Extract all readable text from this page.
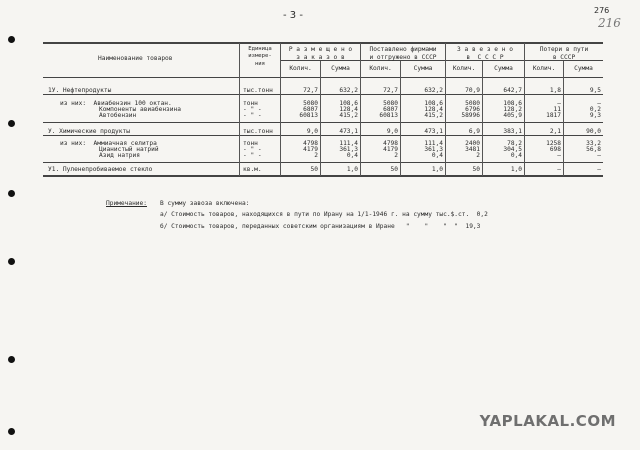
- 3 -	276
216
Наименование товаров
Единица
измере-
ния
Р а з м е щ е н о
з а к а з о в
Поставлено фирмами
и отгружено в СССР
З а в е з е н о
в  С С С Р
Потери в пути
в СССР
Колич.	Сумма	Колич.	Сумма	Колич.	Сумма	Колич.	Сумма
1У. Нефтепродукты	тыс.тонн	72,7	632,2	72,7	632,2	70,9	642,7	1,8	9,5
из них:  Авиабензин 100 октан.	тонн	5080	108,6	5080	108,6	5080	108,6	—	—
Компоненты авиабензина	- " -	6807	128,4	6807	128,4	6796	128,2	11	0,2
Автобензин	- " -	60813	415,2	60813	415,2	58996	405,9	1817	9,3
У. Химические продукты	тыс.тонн	9,0	473,1	9,0	473,1	6,9	383,1	2,1	90,0
из них:  Аммиачная селитра	тонн	4798	111,4	4798	111,4	2400	78,2	1258	33,2
Цианистый натрий	- " -	4179	361,3	4179	361,3	3481	304,5	698	56,8
Азид натрия	- " -	2	0,4	2	0,4	2	0,4	—	—
У1. Пуленепробиваемое стекло	кв.м.	50	1,0	50	1,0	50	1,0	—	—
Примечание: В сумму завоза включена:
а/ Стоимость товаров, находящихся в пути по Ирану на 1/1-1946 г. на сумму тыс.$.ст.  0,2
б/ Стоимость товаров, переданных советским организациям в Иране   "    "    "  "  19,3
YAPLAKAL.COM
